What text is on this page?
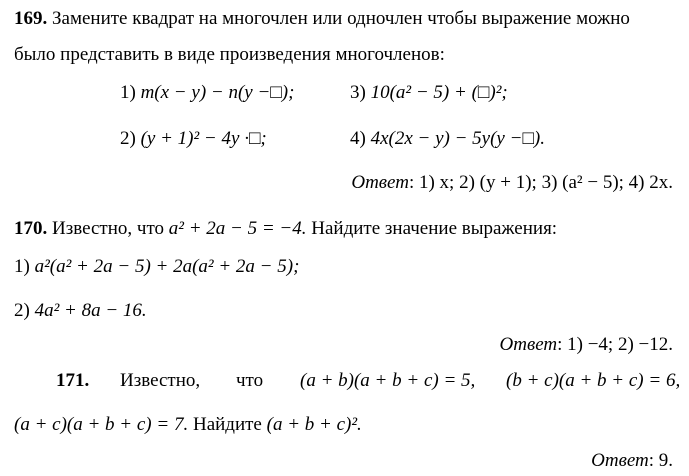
169. Замените квадрат на многочлен или одночлен чтобы выражение можно
было представить в виде произведения многочленов:
1) m(x − y) − n(y −□);	3) 10(a² − 5) + (□)²;
2) (y + 1)² − 4y ·□;	4) 4x(2x − y) − 5y(y −□).
Ответ: 1) x; 2) (y + 1); 3) (a² − 5); 4) 2x.
170. Известно, что a² + 2a − 5 = −4. Найдите значение выражения:
1) a²(a² + 2a − 5) + 2a(a² + 2a − 5);
2) 4a² + 8a − 16.
Ответ: 1) −4; 2) −12.
171. Известно, что (a + b)(a + b + c) = 5, (b + c)(a + b + c) = 6,
(a + c)(a + b + c) = 7. Найдите (a + b + c)².
Ответ: 9.
